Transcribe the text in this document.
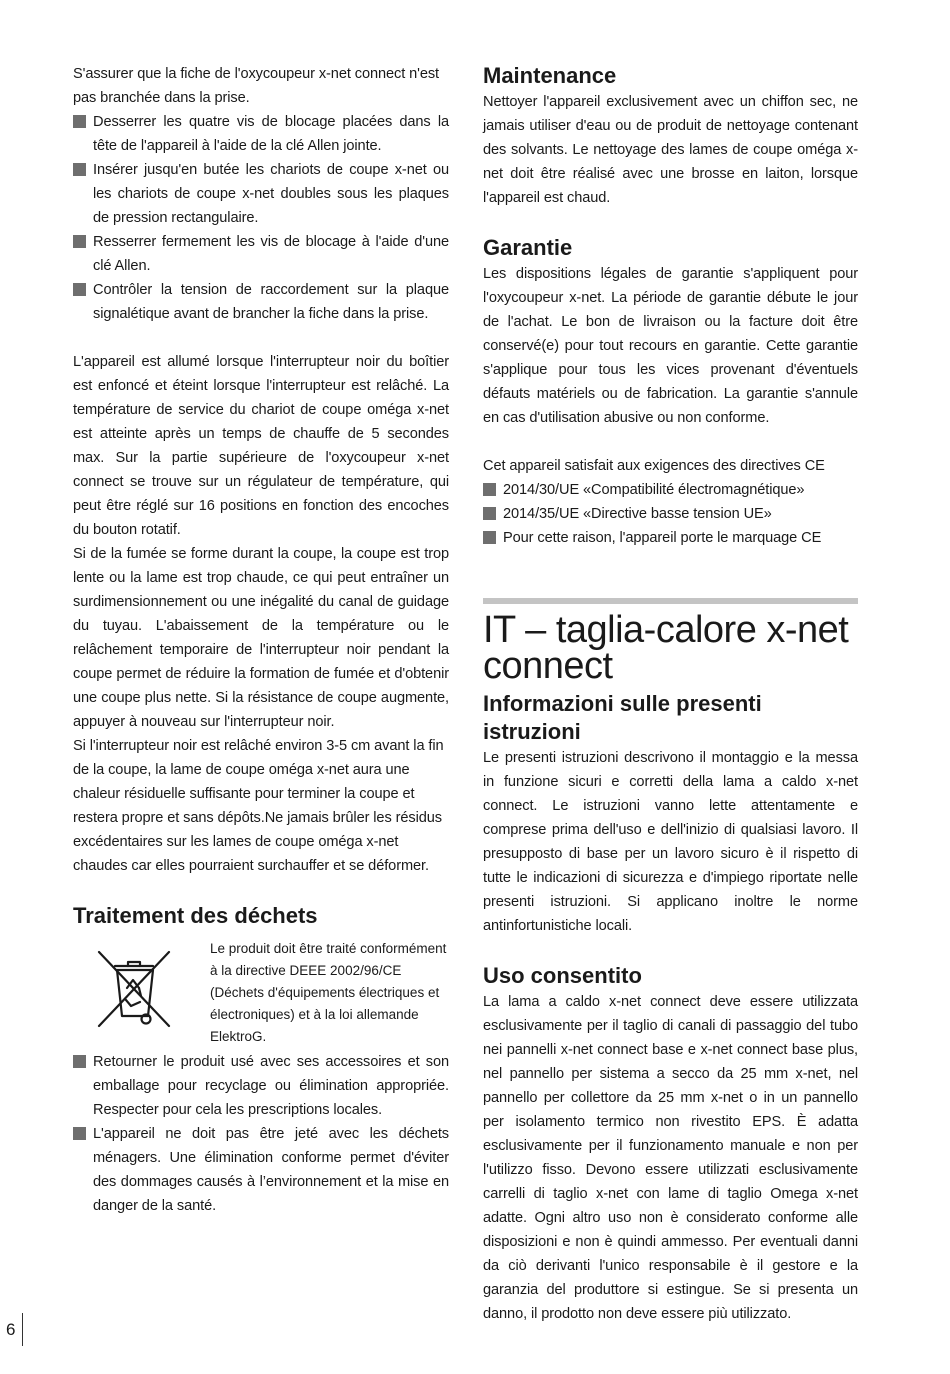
S'assurer que la fiche de l'oxycoupeur x-net connect n'est pas branchée dans la prise.

Desserrer les quatre vis de blocage placées dans la tête de l'appareil à l'aide de la clé Allen jointe.

Insérer jusqu'en butée les chariots de coupe x-net ou les chariots de coupe x-net doubles sous les plaques de pression rectangulaire.

Resserrer fermement les vis de blocage à l'aide d'une clé Allen.

Contrôler la tension de raccordement sur la plaque signalétique avant de brancher la fiche dans la prise.

L'appareil est allumé lorsque l'interrupteur noir du boîtier est enfoncé et éteint lorsque l'interrupteur est relâché. La température de service du chariot de coupe oméga x-net est atteinte après un temps de chauffe de 5 secondes max. Sur la partie supérieure de l'oxycoupeur x-net connect se trouve sur un régulateur de température, qui peut être réglé sur 16 positions en fonction des encoches du bouton rotatif.

Si de la fumée se forme durant la coupe, la coupe est trop lente ou la lame est trop chaude, ce qui peut entraîner un surdimensionnement ou une inégalité du canal de guidage du tuyau. L'abaissement de la température ou le relâchement temporaire de l'interrupteur noir pendant la coupe permet de réduire la formation de fumée et d'obtenir une coupe plus nette. Si la résistance de coupe augmente, appuyer à nouveau sur l'interrupteur noir.

Si l'interrupteur noir est relâché environ 3-5 cm avant la fin de la coupe, la lame de coupe oméga x-net aura une chaleur résiduelle suffisante pour terminer la coupe et restera propre et sans dépôts.Ne jamais brûler les résidus excédentaires sur les lames de coupe oméga x-net chaudes car elles pourraient surchauffer et se déformer.

Traitement des déchets
Le produit doit être traité conformément à la directive DEEE 2002/96/CE (Déchets d'équipements électriques et électroniques) et à la loi allemande ElektroG.

Retourner le produit usé avec ses accessoires et son emballage pour recyclage ou élimination appropriée. Respecter pour cela les prescriptions locales.

L'appareil ne doit pas être jeté avec les déchets ménagers. Une élimination conforme permet d'éviter des dommages causés à l’environnement et la mise en danger de la santé.

Maintenance

Nettoyer l'appareil exclusivement avec un chiffon sec, ne jamais utiliser d'eau ou de produit de nettoyage contenant des solvants. Le nettoyage des lames de coupe oméga x-net doit être réalisé avec une brosse en laiton, lorsque l'appareil est chaud.

Garantie

Les dispositions légales de garantie s'appliquent pour l'oxycoupeur x-net. La période de garantie débute le jour de l'achat. Le bon de livraison ou la facture doit être conservé(e) pour tout recours en garantie. Cette garantie s'applique pour tous les vices provenant d'éventuels défauts matériels ou de fabrication. La garantie s'annule en cas d'utilisation abusive ou non conforme.

Cet appareil satisfait aux exigences des directives CE

2014/30/UE «Compatibilité électromagnétique»

2014/35/UE «Directive basse tension UE»

Pour cette raison, l'appareil porte le marquage CE

IT – taglia-calore x-net connect
Informazioni sulle presenti istruzioni

Le presenti istruzioni descrivono il montaggio e la messa in funzione sicuri e corretti della lama a caldo x-net connect. Le istruzioni vanno lette attentamente e comprese prima dell'uso e dell'inizio di qualsiasi lavoro. Il presupposto di base per un lavoro sicuro è il rispetto di tutte le indicazioni di sicurezza e d'impiego riportate nelle presenti istruzioni. Si applicano inoltre le norme antinfortunistiche locali.

Uso consentito

La lama a caldo x-net connect deve essere utilizzata esclusivamente per il taglio di canali di passaggio del tubo nei pannelli x-net connect base e x-net connect base plus, nel pannello per sistema a secco da 25 mm x-net, nel pannello per collettore da 25 mm x-net o in un pannello per isolamento termico non rivestito EPS. È adatta esclusivamente per il funzionamento manuale e non per l'utilizzo fisso. Devono essere utilizzati esclusivamente carrelli di taglio x-net con lame di taglio Omega x-net adatte. Ogni altro uso non è considerato conforme alle disposizioni e non è quindi ammesso. Per eventuali danni da ciò derivanti l'unico responsabile è il gestore e la garanzia del produttore si estingue. Se si presenta un danno, il prodotto non deve essere più utilizzato.

6
